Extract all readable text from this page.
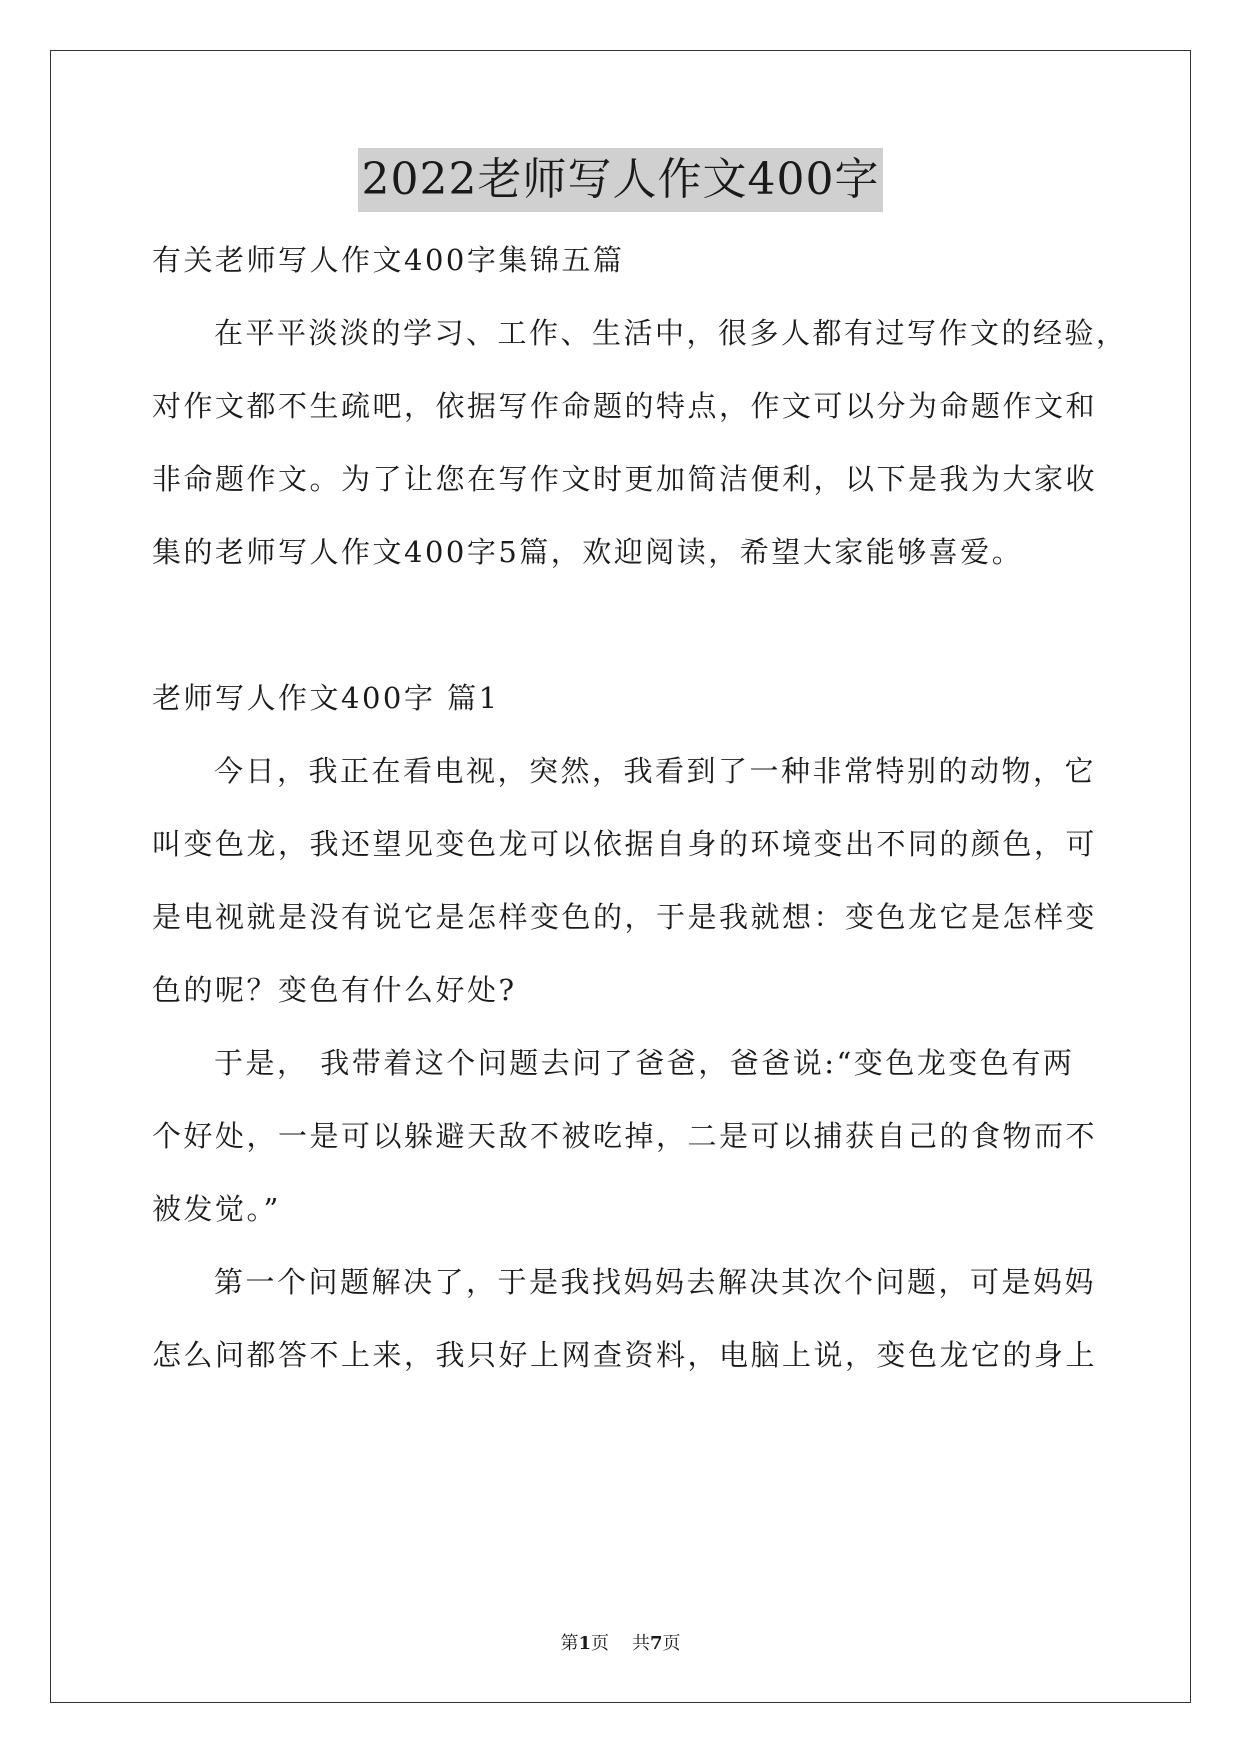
2022老师写人作文400字
有关老师写人作文400字集锦五篇
在平平淡淡的学习、工作、生活中，很多人都有过写作文的经验，
对作文都不生疏吧，依据写作命题的特点，作文可以分为命题作文和
非命题作文。为了让您在写作文时更加简洁便利，以下是我为大家收
集的老师写人作文400字5篇，欢迎阅读，希望大家能够喜爱。
老师写人作文400字 篇1
今日，我正在看电视，突然，我看到了一种非常特别的动物，它
叫变色龙，我还望见变色龙可以依据自身的环境变出不同的颜色，可
是电视就是没有说它是怎样变色的，于是我就想：变色龙它是怎样变
色的呢？变色有什么好处?
于是， 我带着这个问题去问了爸爸，爸爸说:“变色龙变色有两
个好处，一是可以躲避天敌不被吃掉，二是可以捕获自己的食物而不
被发觉。”
第一个问题解决了，于是我找妈妈去解决其次个问题，可是妈妈
怎么问都答不上来，我只好上网查资料，电脑上说，变色龙它的身上
第1页 共7页
